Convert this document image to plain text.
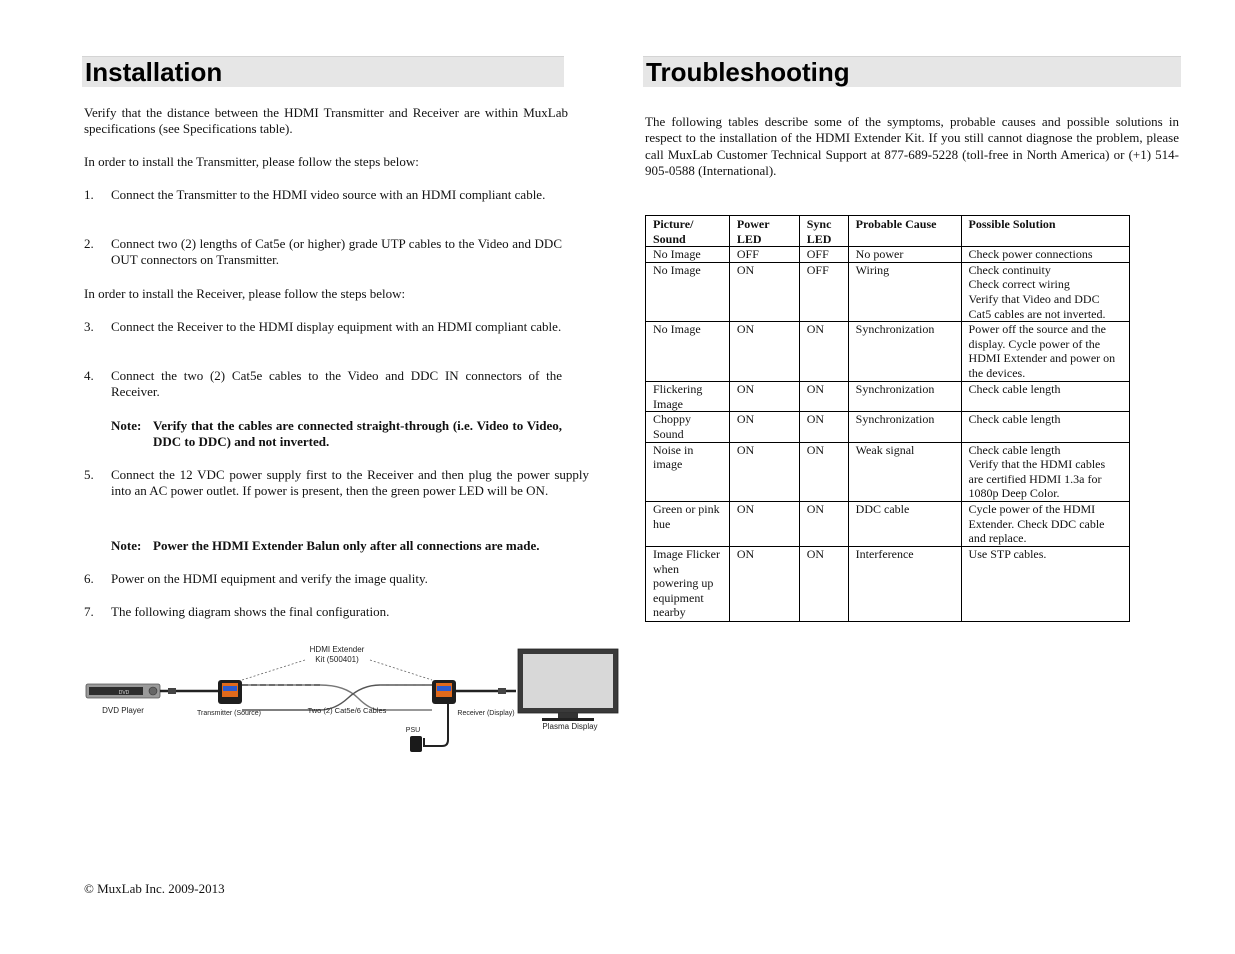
Installation

Verify that the distance between the HDMI Transmitter and Receiver are within MuxLab specifications (see Specifications table).

In order to install the Transmitter, please follow the steps below:

1. Connect the Transmitter to the HDMI video source with an HDMI compliant cable.
2. Connect two (2) lengths of Cat5e (or higher) grade UTP cables to the Video and DDC OUT connectors on Transmitter.

In order to install the Receiver, please follow the steps below:

3. Connect the Receiver to the HDMI display equipment with an HDMI compliant cable.
4. Connect the two (2) Cat5e cables to the Video and DDC IN connectors of the Receiver.
Note: Verify that the cables are connected straight-through (i.e. Video to Video, DDC to DDC) and not inverted.
5. Connect the 12 VDC power supply first to the Receiver and then plug the power supply into an AC power outlet. If power is present, then the green power LED will be ON.
Note: Power the HDMI Extender Balun only after all connections are made.
6. Power on the HDMI equipment and verify the image quality.
7. The following diagram shows the final configuration.
HDMI Extender
Kit (500401)
DVD
DVD Player	Transmitter (Source)	Two (2) Cat5e/6 Cables	Receiver (Display)
PSU	Plasma Display
© MuxLab Inc. 2009-2013
Troubleshooting

The following tables describe some of the symptoms, probable causes and possible solutions in respect to the installation of the HDMI Extender Kit. If you still cannot diagnose the problem, please call MuxLab Customer Technical Support at 877-689-5228 (toll-free in North America) or (+1) 514-905-0588 (International).

Picture/ Sound	Power LED	Sync LED	Probable Cause	Possible Solution
No Image	OFF	OFF	No power	Check power connections
No Image	ON	OFF	Wiring	Check continuity
Check correct wiring
Verify that Video and DDC Cat5 cables are not inverted.
No Image	ON	ON	Synchronization	Power off the source and the display. Cycle power of the HDMI Extender and power on the devices.
Flickering Image	ON	ON	Synchronization	Check cable length
Choppy Sound	ON	ON	Synchronization	Check cable length
Noise in image	ON	ON	Weak signal	Check cable length
Verify that the HDMI cables are certified HDMI 1.3a for 1080p Deep Color.
Green or pink hue	ON	ON	DDC cable	Cycle power of the HDMI Extender. Check DDC cable and replace.
Image Flicker when powering up equipment nearby	ON	ON	Interference	Use STP cables.
